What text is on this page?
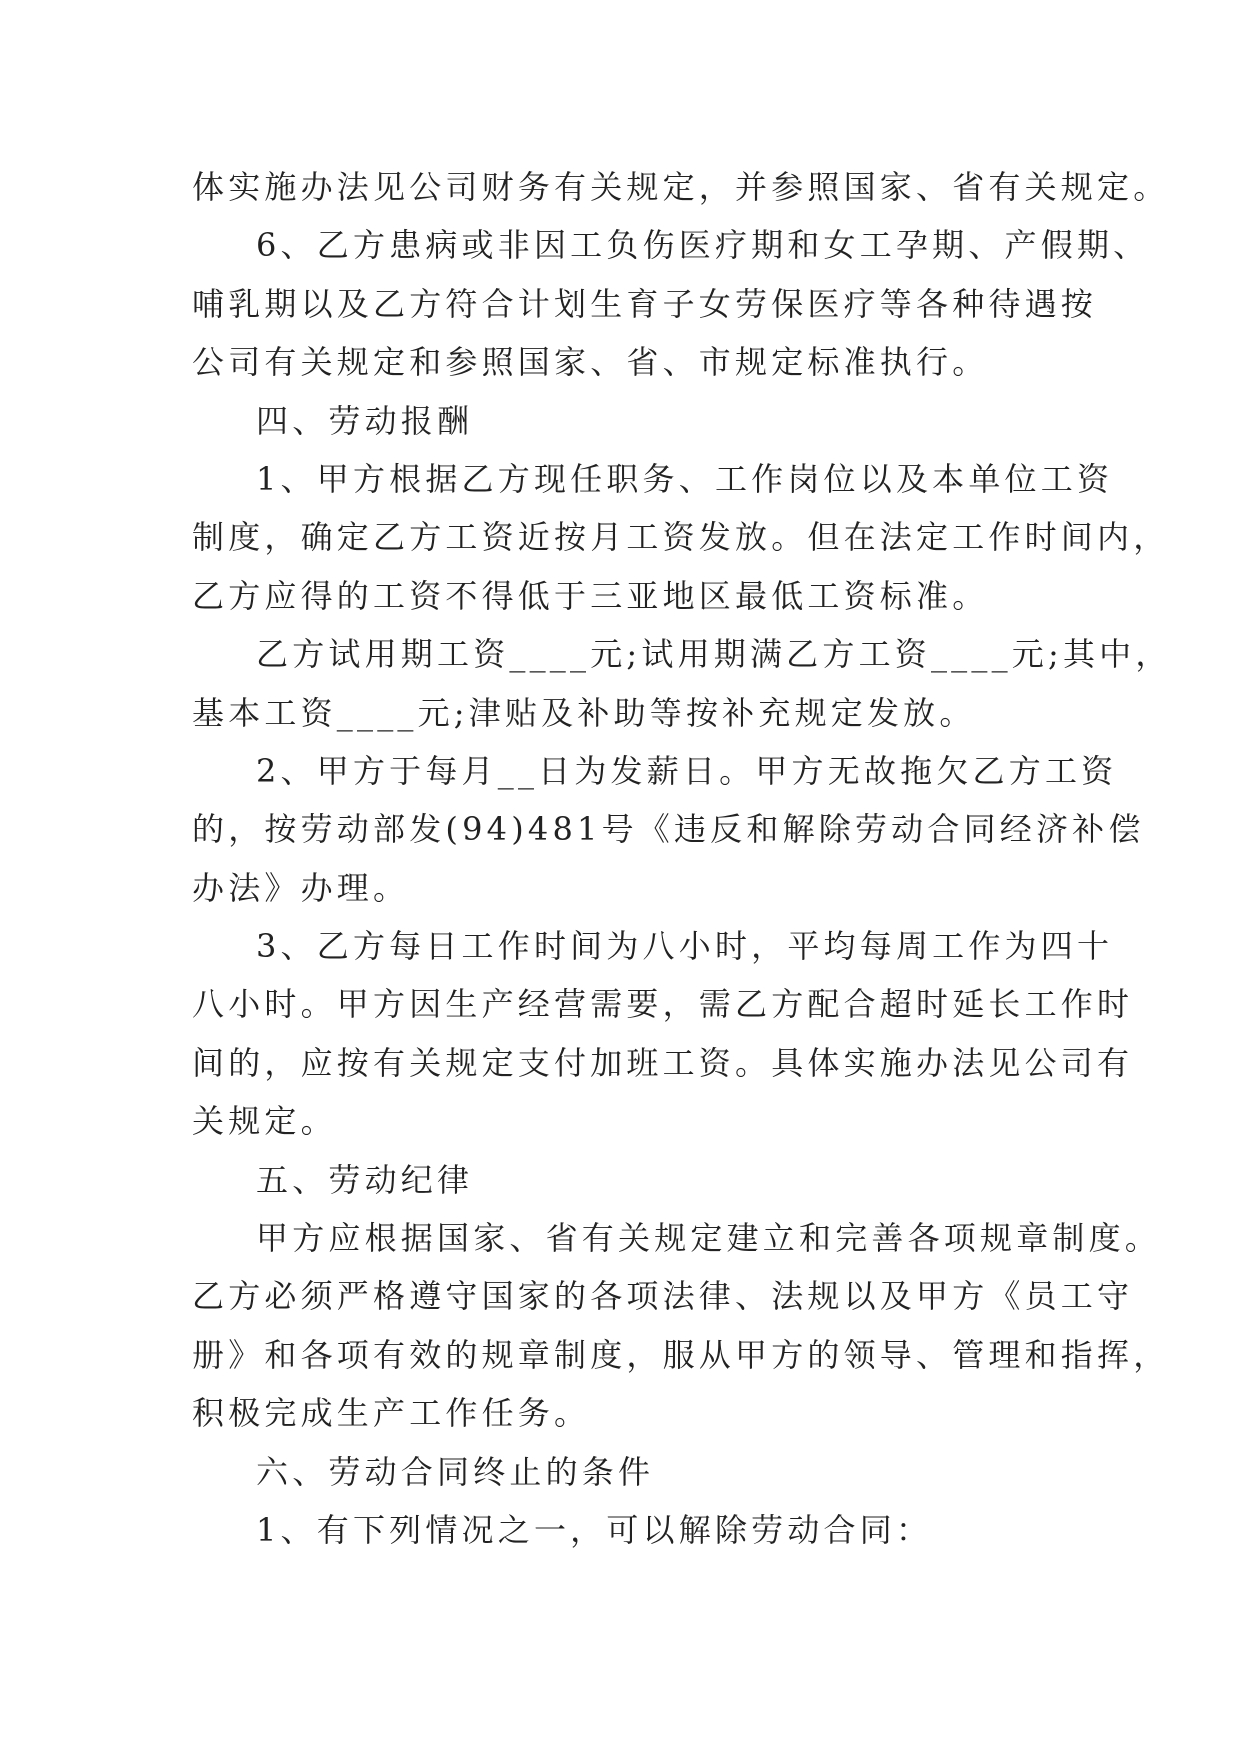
体实施办法见公司财务有关规定，并参照国家、省有关规定。
6、乙方患病或非因工负伤医疗期和女工孕期、产假期、
哺乳期以及乙方符合计划生育子女劳保医疗等各种待遇按
公司有关规定和参照国家、省、市规定标准执行。
四、劳动报酬
1、甲方根据乙方现任职务、工作岗位以及本单位工资
制度，确定乙方工资近按月工资发放。但在法定工作时间内，
乙方应得的工资不得低于三亚地区最低工资标准。
乙方试用期工资____元;试用期满乙方工资____元;其中，
基本工资____元;津贴及补助等按补充规定发放。
2、甲方于每月__日为发薪日。甲方无故拖欠乙方工资
的，按劳动部发(94)481号《违反和解除劳动合同经济补偿
办法》办理。
3、乙方每日工作时间为八小时，平均每周工作为四十
八小时。甲方因生产经营需要，需乙方配合超时延长工作时
间的，应按有关规定支付加班工资。具体实施办法见公司有
关规定。
五、劳动纪律
甲方应根据国家、省有关规定建立和完善各项规章制度。
乙方必须严格遵守国家的各项法律、法规以及甲方《员工守
册》和各项有效的规章制度，服从甲方的领导、管理和指挥，
积极完成生产工作任务。
六、劳动合同终止的条件
1、有下列情况之一，可以解除劳动合同：
